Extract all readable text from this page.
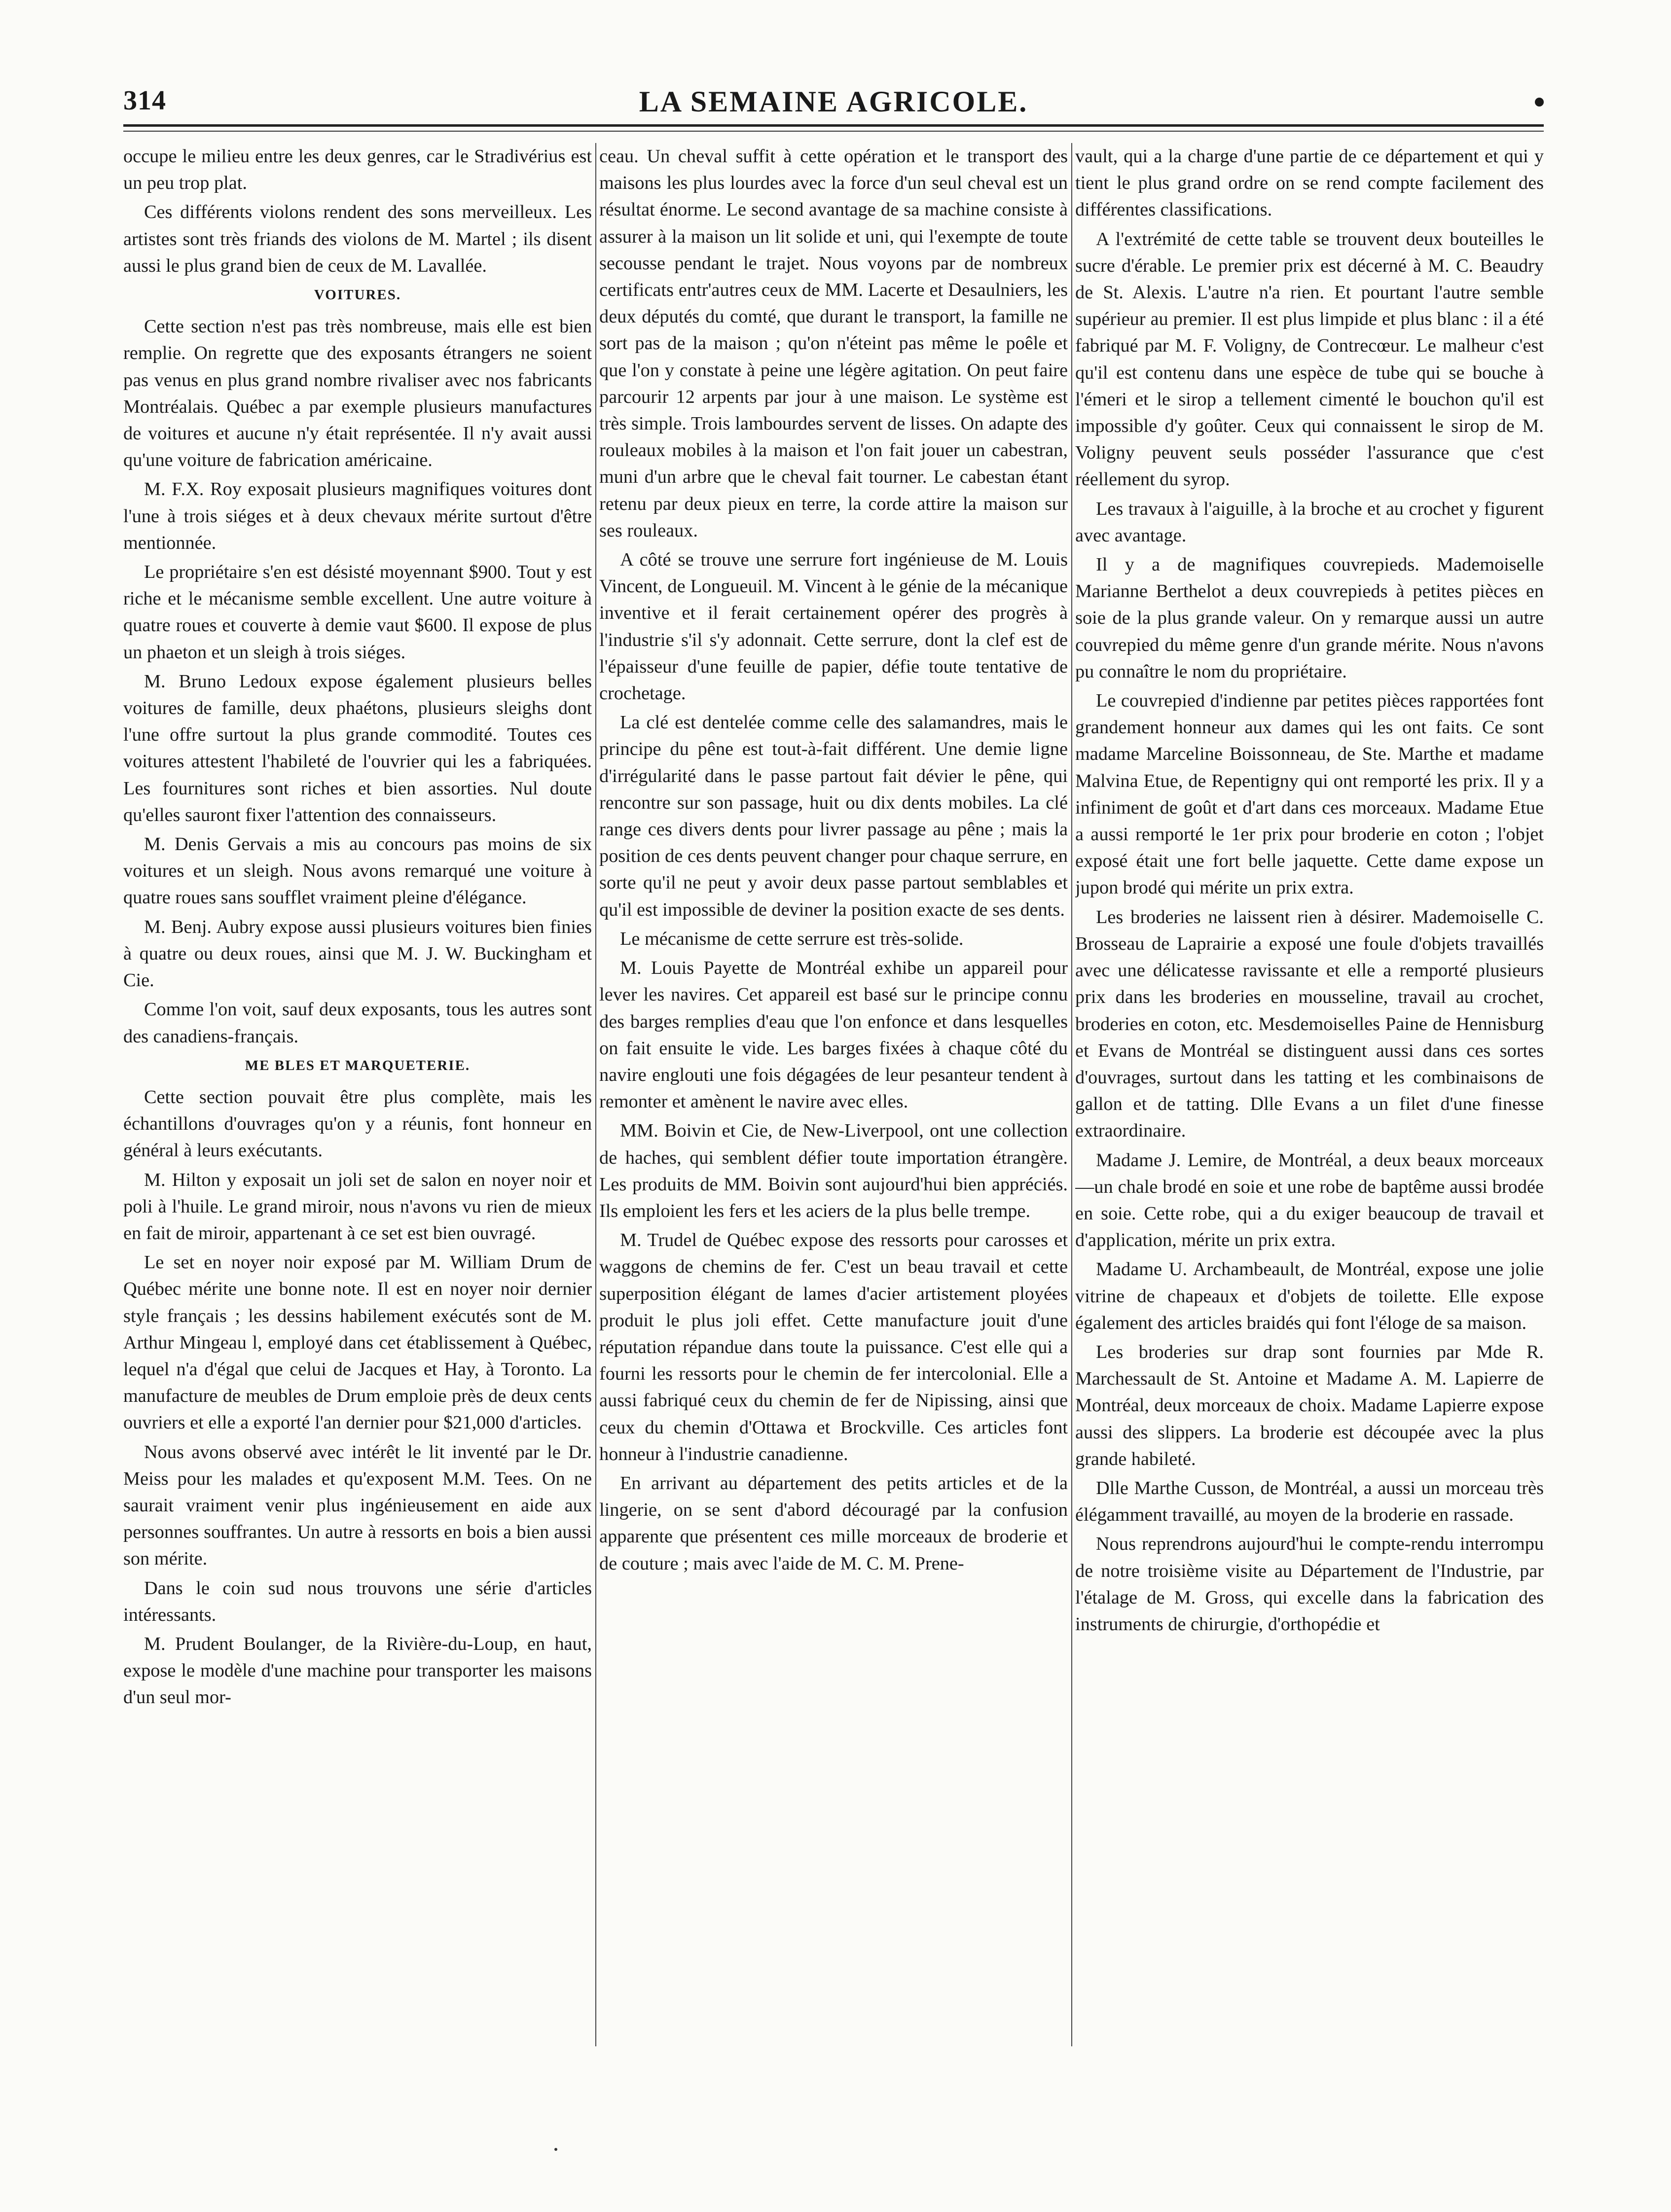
314	LA SEMAINE AGRICOLE.

occupe le milieu entre les deux genres, car le Stradivérius est un peu trop plat.

Ces différents violons rendent des sons merveilleux. Les artistes sont très friands des violons de M. Martel ; ils disent aussi le plus grand bien de ceux de M. Lavallée.

VOITURES.

Cette section n'est pas très nombreuse, mais elle est bien remplie. On regrette que des exposants étrangers ne soient pas venus en plus grand nombre rivaliser avec nos fabricants Montréalais. Québec a par exemple plusieurs manufactures de voitures et aucune n'y était représentée. Il n'y avait aussi qu'une voiture de fabrication américaine.

M. F.X. Roy exposait plusieurs magnifiques voitures dont l'une à trois siéges et à deux chevaux mérite surtout d'être mentionnée.

Le propriétaire s'en est désisté moyennant $900. Tout y est riche et le mécanisme semble excellent. Une autre voiture à quatre roues et couverte à demie vaut $600. Il expose de plus un phaeton et un sleigh à trois siéges.

M. Bruno Ledoux expose également plusieurs belles voitures de famille, deux phaétons, plusieurs sleighs dont l'une offre surtout la plus grande commodité. Toutes ces voitures attestent l'habileté de l'ouvrier qui les a fabriquées. Les fournitures sont riches et bien assorties. Nul doute qu'elles sauront fixer l'attention des connaisseurs.

M. Denis Gervais a mis au concours pas moins de six voitures et un sleigh. Nous avons remarqué une voiture à quatre roues sans soufflet vraiment pleine d'élégance.

M. Benj. Aubry expose aussi plusieurs voitures bien finies à quatre ou deux roues, ainsi que M. J. W. Buckingham et Cie.

Comme l'on voit, sauf deux exposants, tous les autres sont des canadiens-français.

ME BLES ET MARQUETERIE.

Cette section pouvait être plus complète, mais les échantillons d'ouvrages qu'on y a réunis, font honneur en général à leurs exécutants.

M. Hilton y exposait un joli set de salon en noyer noir et poli à l'huile. Le grand miroir, nous n'avons vu rien de mieux en fait de miroir, appartenant à ce set est bien ouvragé.

Le set en noyer noir exposé par M. William Drum de Québec mérite une bonne note. Il est en noyer noir dernier style français ; les dessins habilement exécutés sont de M. Arthur Mingeau l, employé dans cet établissement à Québec, lequel n'a d'égal que celui de Jacques et Hay, à Toronto. La manufacture de meubles de Drum emploie près de deux cents ouvriers et elle a exporté l'an dernier pour $21,000 d'articles.

Nous avons observé avec intérêt le lit inventé par le Dr. Meiss pour les malades et qu'exposent M.M. Tees. On ne saurait vraiment venir plus ingénieusement en aide aux personnes souffrantes. Un autre à ressorts en bois a bien aussi son mérite.

Dans le coin sud nous trouvons une série d'articles intéressants.

M. Prudent Boulanger, de la Rivière-du-Loup, en haut, expose le modèle d'une machine pour transporter les maisons d'un seul mor-

ceau. Un cheval suffit à cette opération et le transport des maisons les plus lourdes avec la force d'un seul cheval est un résultat énorme. Le second avantage de sa machine consiste à assurer à la maison un lit solide et uni, qui l'exempte de toute secousse pendant le trajet. Nous voyons par de nombreux certificats entr'autres ceux de MM. Lacerte et Desaulniers, les deux députés du comté, que durant le transport, la famille ne sort pas de la maison ; qu'on n'éteint pas même le poêle et que l'on y constate à peine une légère agitation. On peut faire parcourir 12 arpents par jour à une maison. Le système est très simple. Trois lambourdes servent de lisses. On adapte des rouleaux mobiles à la maison et l'on fait jouer un cabestran, muni d'un arbre que le cheval fait tourner. Le cabestan étant retenu par deux pieux en terre, la corde attire la maison sur ses rouleaux.

A côté se trouve une serrure fort ingénieuse de M. Louis Vincent, de Longueuil. M. Vincent à le génie de la mécanique inventive et il ferait certainement opérer des progrès à l'industrie s'il s'y adonnait. Cette serrure, dont la clef est de l'épaisseur d'une feuille de papier, défie toute tentative de crochetage.

La clé est dentelée comme celle des salamandres, mais le principe du pêne est tout-à-fait différent. Une demie ligne d'irrégularité dans le passe partout fait dévier le pêne, qui rencontre sur son passage, huit ou dix dents mobiles. La clé range ces divers dents pour livrer passage au pêne ; mais la position de ces dents peuvent changer pour chaque serrure, en sorte qu'il ne peut y avoir deux passe partout semblables et qu'il est impossible de deviner la position exacte de ses dents.

Le mécanisme de cette serrure est très-solide.

M. Louis Payette de Montréal exhibe un appareil pour lever les navires. Cet appareil est basé sur le principe connu des barges remplies d'eau que l'on enfonce et dans lesquelles on fait ensuite le vide. Les barges fixées à chaque côté du navire englouti une fois dégagées de leur pesanteur tendent à remonter et amènent le navire avec elles.

MM. Boivin et Cie, de New-Liverpool, ont une collection de haches, qui semblent défier toute importation étrangère. Les produits de MM. Boivin sont aujourd'hui bien appréciés. Ils emploient les fers et les aciers de la plus belle trempe.

M. Trudel de Québec expose des ressorts pour carosses et waggons de chemins de fer. C'est un beau travail et cette superposition élégant de lames d'acier artistement ployées produit le plus joli effet. Cette manufacture jouit d'une réputation répandue dans toute la puissance. C'est elle qui a fourni les ressorts pour le chemin de fer intercolonial. Elle a aussi fabriqué ceux du chemin de fer de Nipissing, ainsi que ceux du chemin d'Ottawa et Brockville. Ces articles font honneur à l'industrie canadienne.

En arrivant au département des petits articles et de la lingerie, on se sent d'abord découragé par la confusion apparente que présentent ces mille morceaux de broderie et de couture ; mais avec l'aide de M. C. M. Prene-

vault, qui a la charge d'une partie de ce département et qui y tient le plus grand ordre on se rend compte facilement des différentes classifications.

A l'extrémité de cette table se trouvent deux bouteilles le sucre d'érable. Le premier prix est décerné à M. C. Beaudry de St. Alexis. L'autre n'a rien. Et pourtant l'autre semble supérieur au premier. Il est plus limpide et plus blanc : il a été fabriqué par M. F. Voligny, de Contrecœur. Le malheur c'est qu'il est contenu dans une espèce de tube qui se bouche à l'émeri et le sirop a tellement cimenté le bouchon qu'il est impossible d'y goûter. Ceux qui connaissent le sirop de M. Voligny peuvent seuls posséder l'assurance que c'est réellement du syrop.

Les travaux à l'aiguille, à la broche et au crochet y figurent avec avantage.

Il y a de magnifiques couvrepieds. Mademoiselle Marianne Berthelot a deux couvrepieds à petites pièces en soie de la plus grande valeur. On y remarque aussi un autre couvrepied du même genre d'un grande mérite. Nous n'avons pu connaître le nom du propriétaire.

Le couvrepied d'indienne par petites pièces rapportées font grandement honneur aux dames qui les ont faits. Ce sont madame Marceline Boissonneau, de Ste. Marthe et madame Malvina Etue, de Repentigny qui ont remporté les prix. Il y a infiniment de goût et d'art dans ces morceaux. Madame Etue a aussi remporté le 1er prix pour broderie en coton ; l'objet exposé était une fort belle jaquette. Cette dame expose un jupon brodé qui mérite un prix extra.

Les broderies ne laissent rien à désirer. Mademoiselle C. Brosseau de Laprairie a exposé une foule d'objets travaillés avec une délicatesse ravissante et elle a remporté plusieurs prix dans les broderies en mousseline, travail au crochet, broderies en coton, etc. Mesdemoiselles Paine de Hennisburg et Evans de Montréal se distinguent aussi dans ces sortes d'ouvrages, surtout dans les tatting et les combinaisons de gallon et de tatting. Dlle Evans a un filet d'une finesse extraordinaire.

Madame J. Lemire, de Montréal, a deux beaux morceaux—un chale brodé en soie et une robe de baptême aussi brodée en soie. Cette robe, qui a du exiger beaucoup de travail et d'application, mérite un prix extra.

Madame U. Archambeault, de Montréal, expose une jolie vitrine de chapeaux et d'objets de toilette. Elle expose également des articles braidés qui font l'éloge de sa maison.

Les broderies sur drap sont fournies par Mde R. Marchessault de St. Antoine et Madame A. M. Lapierre de Montréal, deux morceaux de choix. Madame Lapierre expose aussi des slippers. La broderie est découpée avec la plus grande habileté.

Dlle Marthe Cusson, de Montréal, a aussi un morceau très élégamment travaillé, au moyen de la broderie en rassade.

Nous reprendrons aujourd'hui le compte-rendu interrompu de notre troisième visite au Département de l'Industrie, par l'étalage de M. Gross, qui excelle dans la fabrication des instruments de chirurgie, d'orthopédie et
